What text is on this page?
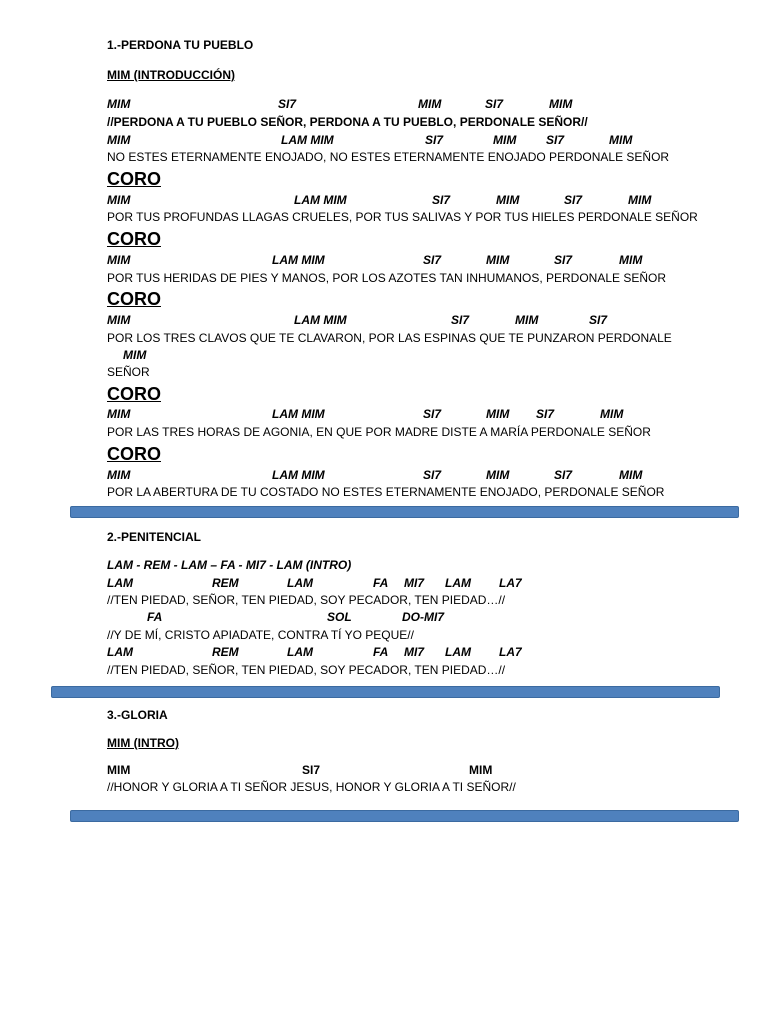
1.-PERDONA TU PUEBLO
MIM (INTRODUCCIÓN)
MIM	SI7	MIM	SI7	MIM
//PERDONA A TU PUEBLO SEÑOR, PERDONA A TU PUEBLO, PERDONALE SEÑOR//
MIM	LAM MIM	SI7	MIM SI7	MIM
NO ESTES ETERNAMENTE ENOJADO, NO ESTES ETERNAMENTE ENOJADO PERDONALE SEÑOR
CORO
MIM	LAM MIM	SI7	MIM	SI7	MIM
POR TUS PROFUNDAS LLAGAS CRUELES, POR TUS SALIVAS Y POR TUS HIELES PERDONALE SEÑOR
CORO
MIM	LAM MIM	SI7	MIM	SI7	MIM
POR TUS HERIDAS DE PIES Y MANOS, POR LOS AZOTES TAN INHUMANOS, PERDONALE SEÑOR
CORO
MIM	LAM MIM	SI7	MIM	SI7
POR LOS TRES CLAVOS QUE TE CLAVARON, POR LAS ESPINAS QUE TE PUNZARON PERDONALE
MIM
SEÑOR
CORO
MIM	LAM MIM	SI7	MIM SI7	MIM
POR LAS TRES HORAS DE AGONIA, EN QUE POR MADRE DISTE A MARÍA PERDONALE SEÑOR
CORO
MIM	LAM MIM	SI7	MIM	SI7	MIM
POR LA ABERTURA DE TU COSTADO NO ESTES ETERNAMENTE ENOJADO, PERDONALE SEÑOR
2.-PENITENCIAL
LAM - REM - LAM – FA - MI7 - LAM (INTRO)
LAM	REM	LAM	FA MI7 LAM LA7
//TEN PIEDAD, SEÑOR, TEN PIEDAD, SOY PECADOR, TEN PIEDAD…//
FA	SOL	DO-MI7
//Y DE MÍ, CRISTO APIADATE, CONTRA TÍ YO PEQUE//
LAM	REM	LAM	FA MI7 LAM LA7
//TEN PIEDAD, SEÑOR, TEN PIEDAD, SOY PECADOR, TEN PIEDAD…//
3.-GLORIA
MIM (INTRO)
MIM	SI7	MIM
//HONOR Y GLORIA A TI SEÑOR JESUS, HONOR Y GLORIA A TI SEÑOR//
